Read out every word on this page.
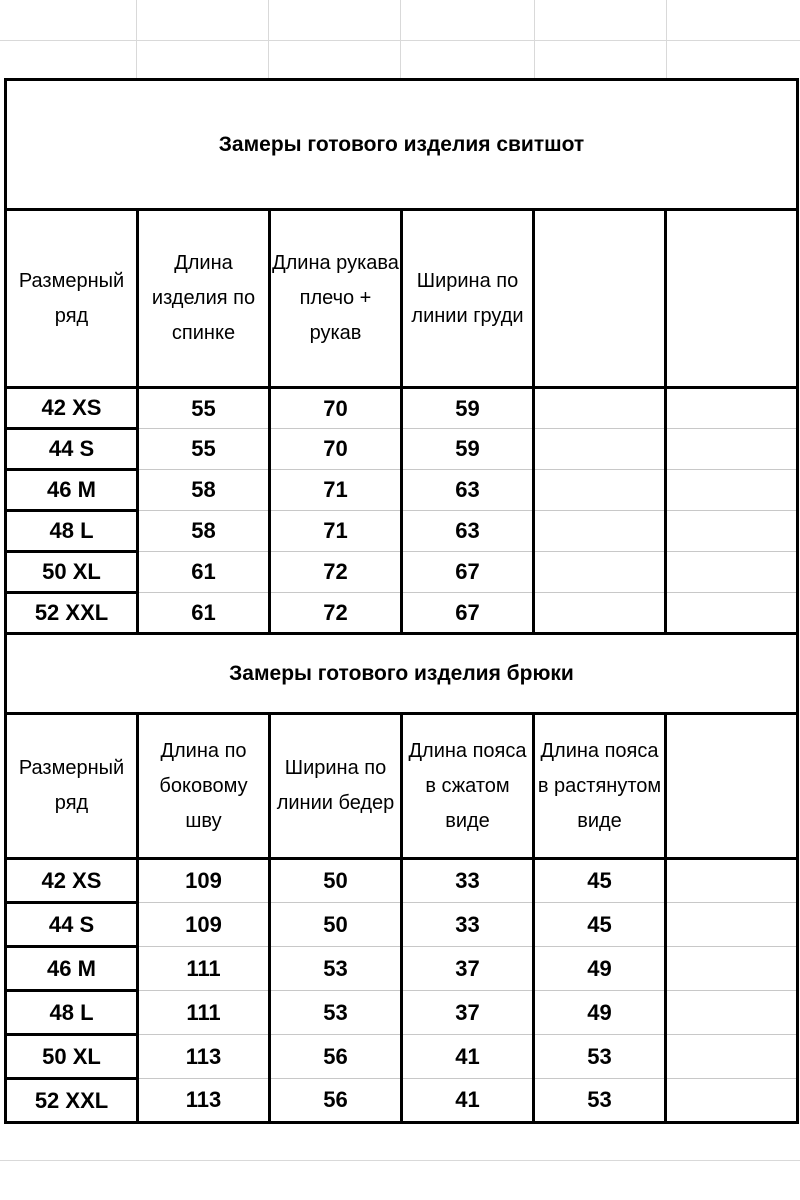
Замеры готового изделия свитшот					
Размерный ряд	Длина изделия по спинке	Длина рукава плечо + рукав	Ширина по линии груди		
42 XS	55	70	59		
44 S	55	70	59		
46 M	58	71	63		
48 L	58	71	63		
50 XL	61	72	67		
52 XXL	61	72	67		
Замеры готового изделия брюки					
Размерный ряд	Длина по боковому шву	Ширина по линии бедер	Длина пояса в сжатом виде	Длина пояса в растянутом виде	
42 XS	109	50	33	45	
44 S	109	50	33	45	
46 M	111	53	37	49	
48 L	111	53	37	49	
50 XL	113	56	41	53	
52 XXL	113	56	41	53	
